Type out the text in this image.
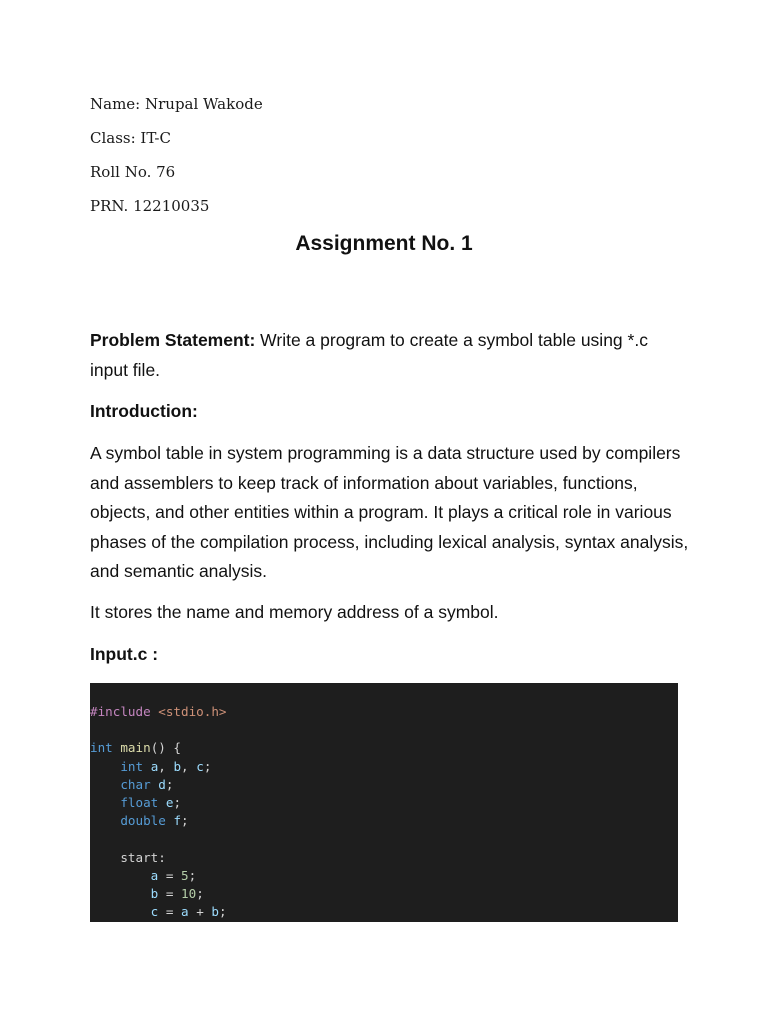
Name: Nrupal Wakode
Class: IT-C
Roll No. 76
PRN. 12210035
Assignment No. 1
Problem Statement: Write a program to create a symbol table using *.c input file.
Introduction:
A symbol table in system programming is a data structure used by compilers and assemblers to keep track of information about variables, functions, objects, and other entities within a program. It plays a critical role in various phases of the compilation process, including lexical analysis, syntax analysis, and semantic analysis.
It stores the name and memory address of a symbol.
Input.c :
#include <stdio.h>
int main() {
int a, b, c;
char d;
float e;
double f;
start:
a = 5;
b = 10;
c = a + b;
